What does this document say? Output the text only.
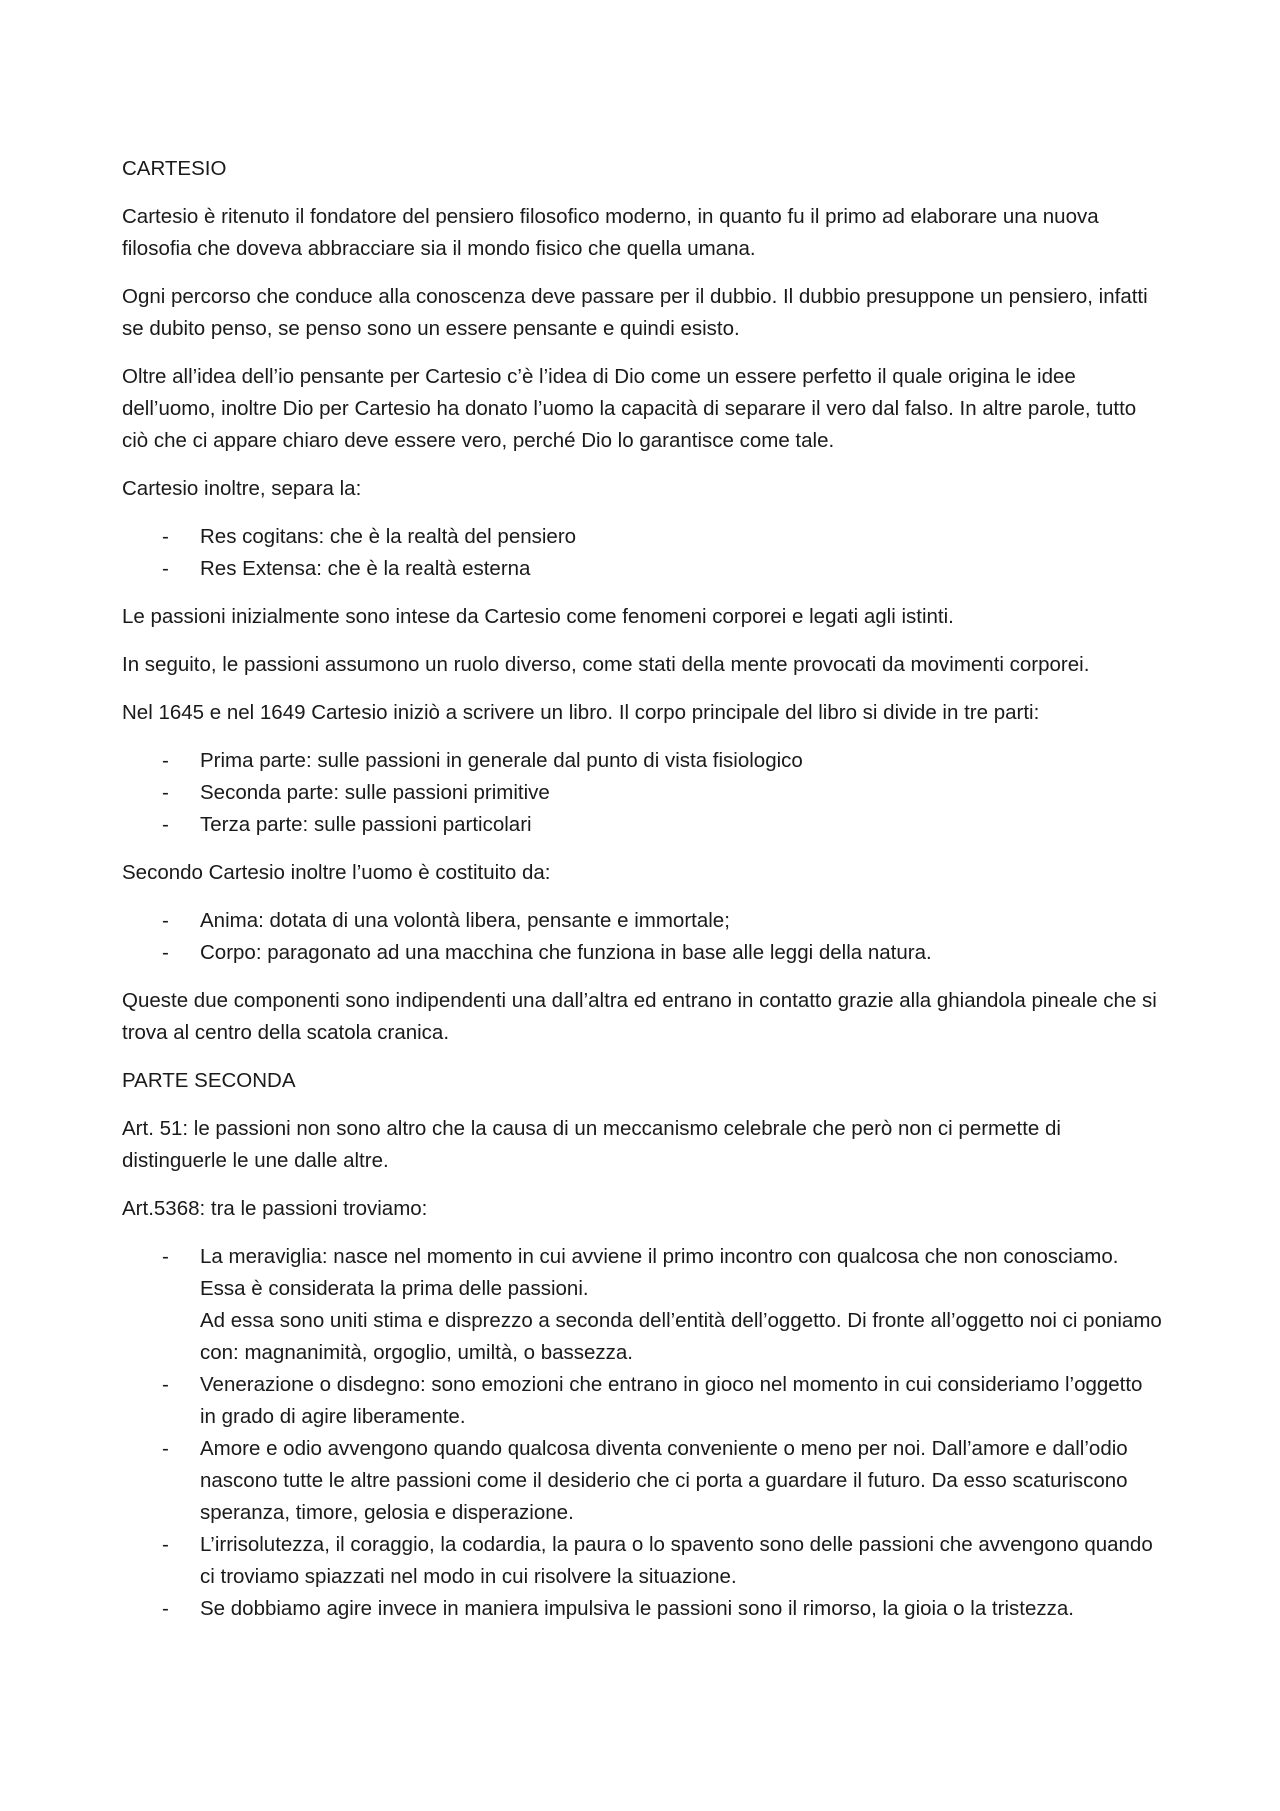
CARTESIO

Cartesio è ritenuto il fondatore del pensiero filosofico moderno, in quanto fu il primo ad elaborare una nuova filosofia che doveva abbracciare sia il mondo fisico che quella umana.

Ogni percorso che conduce alla conoscenza deve passare per il dubbio. Il dubbio presuppone un pensiero, infatti se dubito penso, se penso sono un essere pensante e quindi esisto.

Oltre all’idea dell’io pensante per Cartesio c’è l’idea di Dio come un essere perfetto il quale origina le idee dell’uomo, inoltre Dio per Cartesio ha donato l’uomo la capacità di separare il vero dal falso. In altre parole, tutto ciò che ci appare chiaro deve essere vero, perché Dio lo garantisce come tale.

Cartesio inoltre, separa la:

- Res cogitans: che è la realtà del pensiero
- Res Extensa: che è la realtà esterna

Le passioni inizialmente sono intese da Cartesio come fenomeni corporei e legati agli istinti.

In seguito, le passioni assumono un ruolo diverso, come stati della mente provocati da movimenti corporei.

Nel 1645 e nel 1649 Cartesio iniziò a scrivere un libro. Il corpo principale del libro si divide in tre parti:

- Prima parte: sulle passioni in generale dal punto di vista fisiologico
- Seconda parte: sulle passioni primitive
- Terza parte: sulle passioni particolari

Secondo Cartesio inoltre l’uomo è costituito da:

- Anima: dotata di una volontà libera, pensante e immortale;
- Corpo: paragonato ad una macchina che funziona in base alle leggi della natura.

Queste due componenti sono indipendenti una dall’altra ed entrano in contatto grazie alla ghiandola pineale che si trova al centro della scatola cranica.

PARTE SECONDA

Art. 51: le passioni non sono altro che la causa di un meccanismo celebrale che però non ci permette di distinguerle le une dalle altre.

Art.5368: tra le passioni troviamo:

- La meraviglia: nasce nel momento in cui avviene il primo incontro con qualcosa che non conosciamo. Essa è considerata la prima delle passioni.
Ad essa sono uniti stima e disprezzo a seconda dell’entità dell’oggetto. Di fronte all’oggetto noi ci poniamo con: magnanimità, orgoglio, umiltà, o bassezza.
- Venerazione o disdegno: sono emozioni che entrano in gioco nel momento in cui consideriamo l’oggetto in grado di agire liberamente.
- Amore e odio avvengono quando qualcosa diventa conveniente o meno per noi. Dall’amore e dall’odio nascono tutte le altre passioni come il desiderio che ci porta a guardare il futuro. Da esso scaturiscono speranza, timore, gelosia e disperazione.
- L’irrisolutezza, il coraggio, la codardia, la paura o lo spavento sono delle passioni che avvengono quando ci troviamo spiazzati nel modo in cui risolvere la situazione.
- Se dobbiamo agire invece in maniera impulsiva le passioni sono il rimorso, la gioia o la tristezza.
